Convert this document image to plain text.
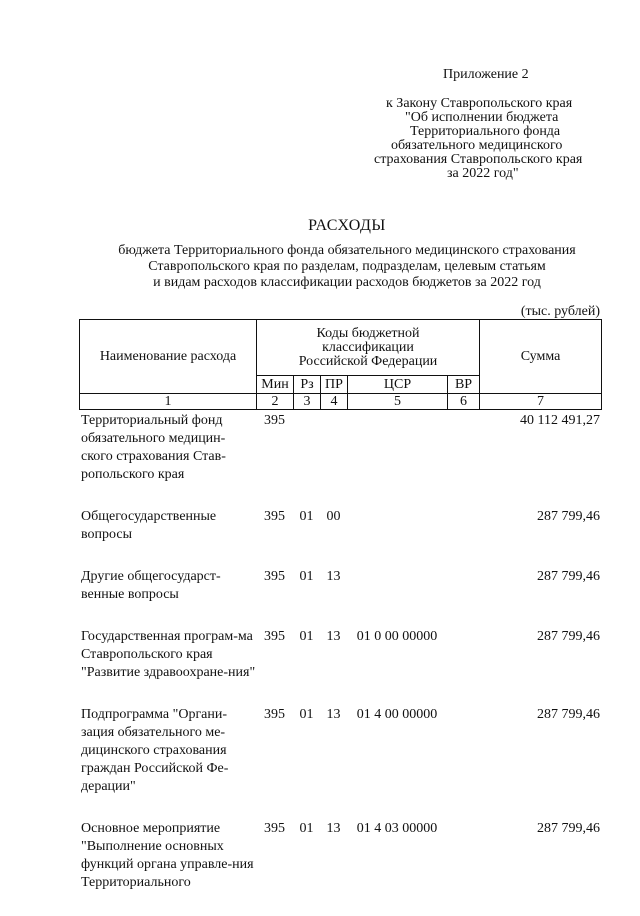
Приложение 2
к Закону Ставропольского края
"Об исполнении бюджета
Территориального фонда
обязательного медицинского
страхования Ставропольского края
за 2022 год"
РАСХОДЫ
бюджета Территориального фонда обязательного медицинского страхования
Ставропольского края по разделам, подразделам, целевым статьям
и видам расходов классификации расходов бюджетов за 2022 год
(тыс. рублей)
Наименование расхода	Коды бюджетной
классификации
Российской Федерации					Сумма
	Мин	Рз	ПР	ЦСР	ВР	
1	2	3	4	5	6	7
Территориальный фонд обязательного медицин-ского страхования Став-ропольского края	395					40 112 491,27
Общегосударственные вопросы	395	01	00			287 799,46
Другие общегосударст-венные вопросы	395	01	13			287 799,46
Государственная програм-ма Ставропольского края "Развитие здравоохране-ния"	395	01	13	01 0 00 00000		287 799,46
Подпрограмма "Органи-зация обязательного ме-дицинского страхования граждан Российской Фе-дерации"	395	01	13	01 4 00 00000		287 799,46
Основное мероприятие "Выполнение основных функций органа управле-ния Территориального	395	01	13	01 4 03 00000		287 799,46
